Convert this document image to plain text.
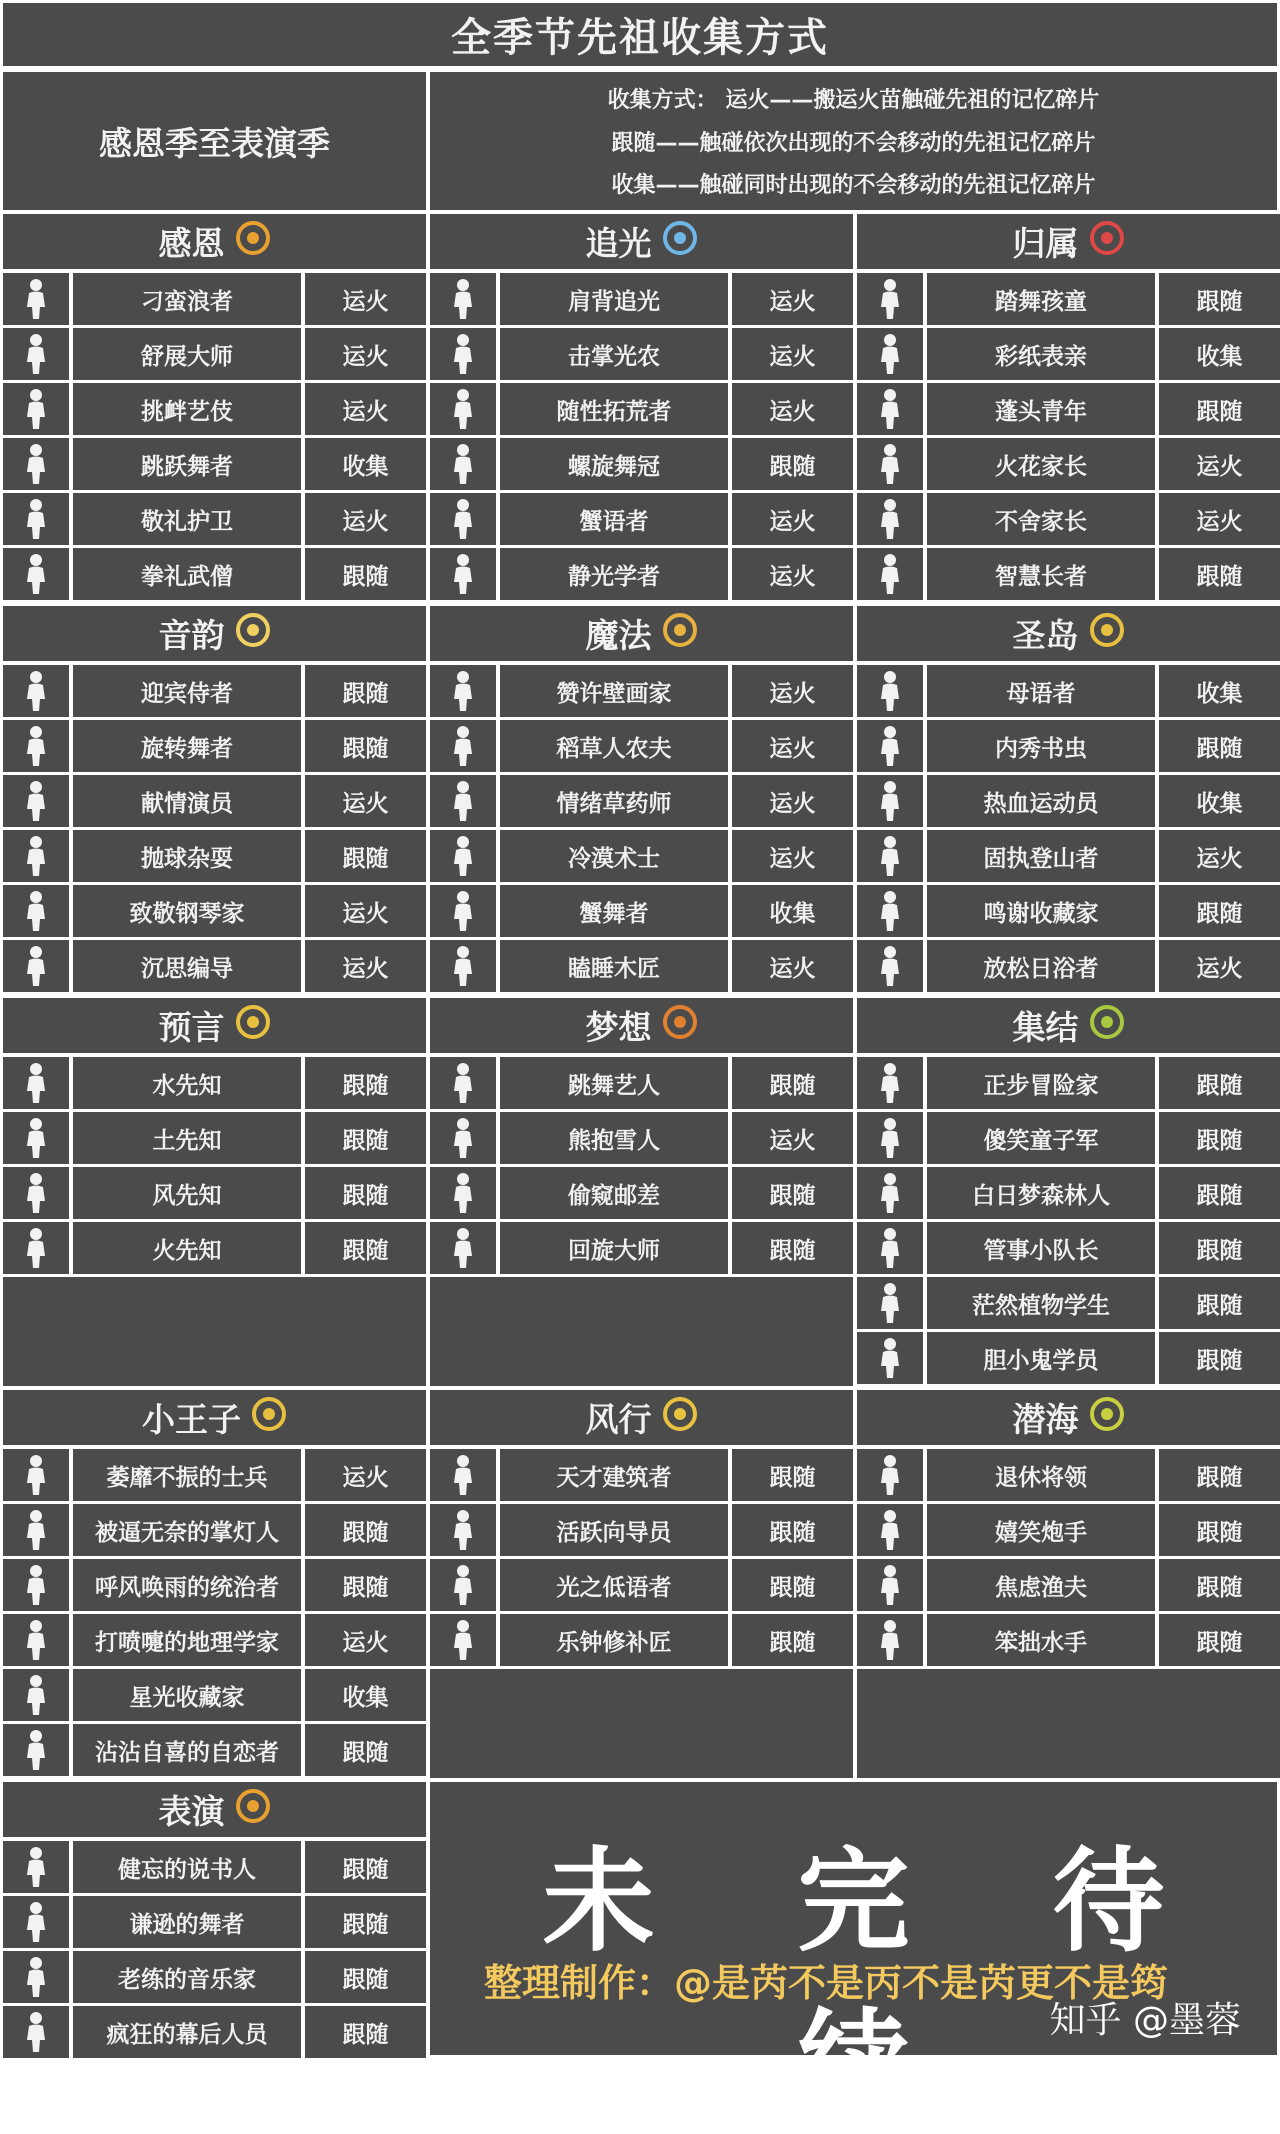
全季节先祖收集方式
感恩季至表演季
收集方式： 运火——搬运火苗触碰先祖的记忆碎片
跟随——触碰依次出现的不会移动的先祖记忆碎片
收集——触碰同时出现的不会移动的先祖记忆碎片
感恩
刁蛮浪者	运火
舒展大师	运火
挑衅艺伎	运火
跳跃舞者	收集
敬礼护卫	运火
拳礼武僧	跟随
追光
肩背追光	运火
击掌光农	运火
随性拓荒者	运火
螺旋舞冠	跟随
蟹语者	运火
静光学者	运火
归属
踏舞孩童	跟随
彩纸表亲	收集
蓬头青年	跟随
火花家长	运火
不舍家长	运火
智慧长者	跟随
音韵
迎宾侍者	跟随
旋转舞者	跟随
献情演员	运火
抛球杂耍	跟随
致敬钢琴家	运火
沉思编导	运火
魔法
赞许壁画家	运火
稻草人农夫	运火
情绪草药师	运火
冷漠术士	运火
蟹舞者	收集
瞌睡木匠	运火
圣岛
母语者	收集
内秀书虫	跟随
热血运动员	收集
固执登山者	运火
鸣谢收藏家	跟随
放松日浴者	运火
预言
水先知	跟随
土先知	跟随
风先知	跟随
火先知	跟随
梦想
跳舞艺人	跟随
熊抱雪人	运火
偷窥邮差	跟随
回旋大师	跟随
集结
正步冒险家	跟随
傻笑童子军	跟随
白日梦森林人	跟随
管事小队长	跟随
茫然植物学生	跟随
胆小鬼学员	跟随
小王子
萎靡不振的士兵	运火
被逼无奈的掌灯人	跟随
呼风唤雨的统治者	跟随
打喷嚏的地理学家	运火
星光收藏家	收集
沾沾自喜的自恋者	跟随
风行
天才建筑者	跟随
活跃向导员	跟随
光之低语者	跟随
乐钟修补匠	跟随
潜海
退休将领	跟随
嬉笑炮手	跟随
焦虑渔夫	跟随
笨拙水手	跟随
表演
健忘的说书人	跟随
谦逊的舞者	跟随
老练的音乐家	跟随
疯狂的幕后人员	跟随
未 完 待 续
整理制作：@是芮不是丙不是芮更不是筠
知乎 @墨蓉
